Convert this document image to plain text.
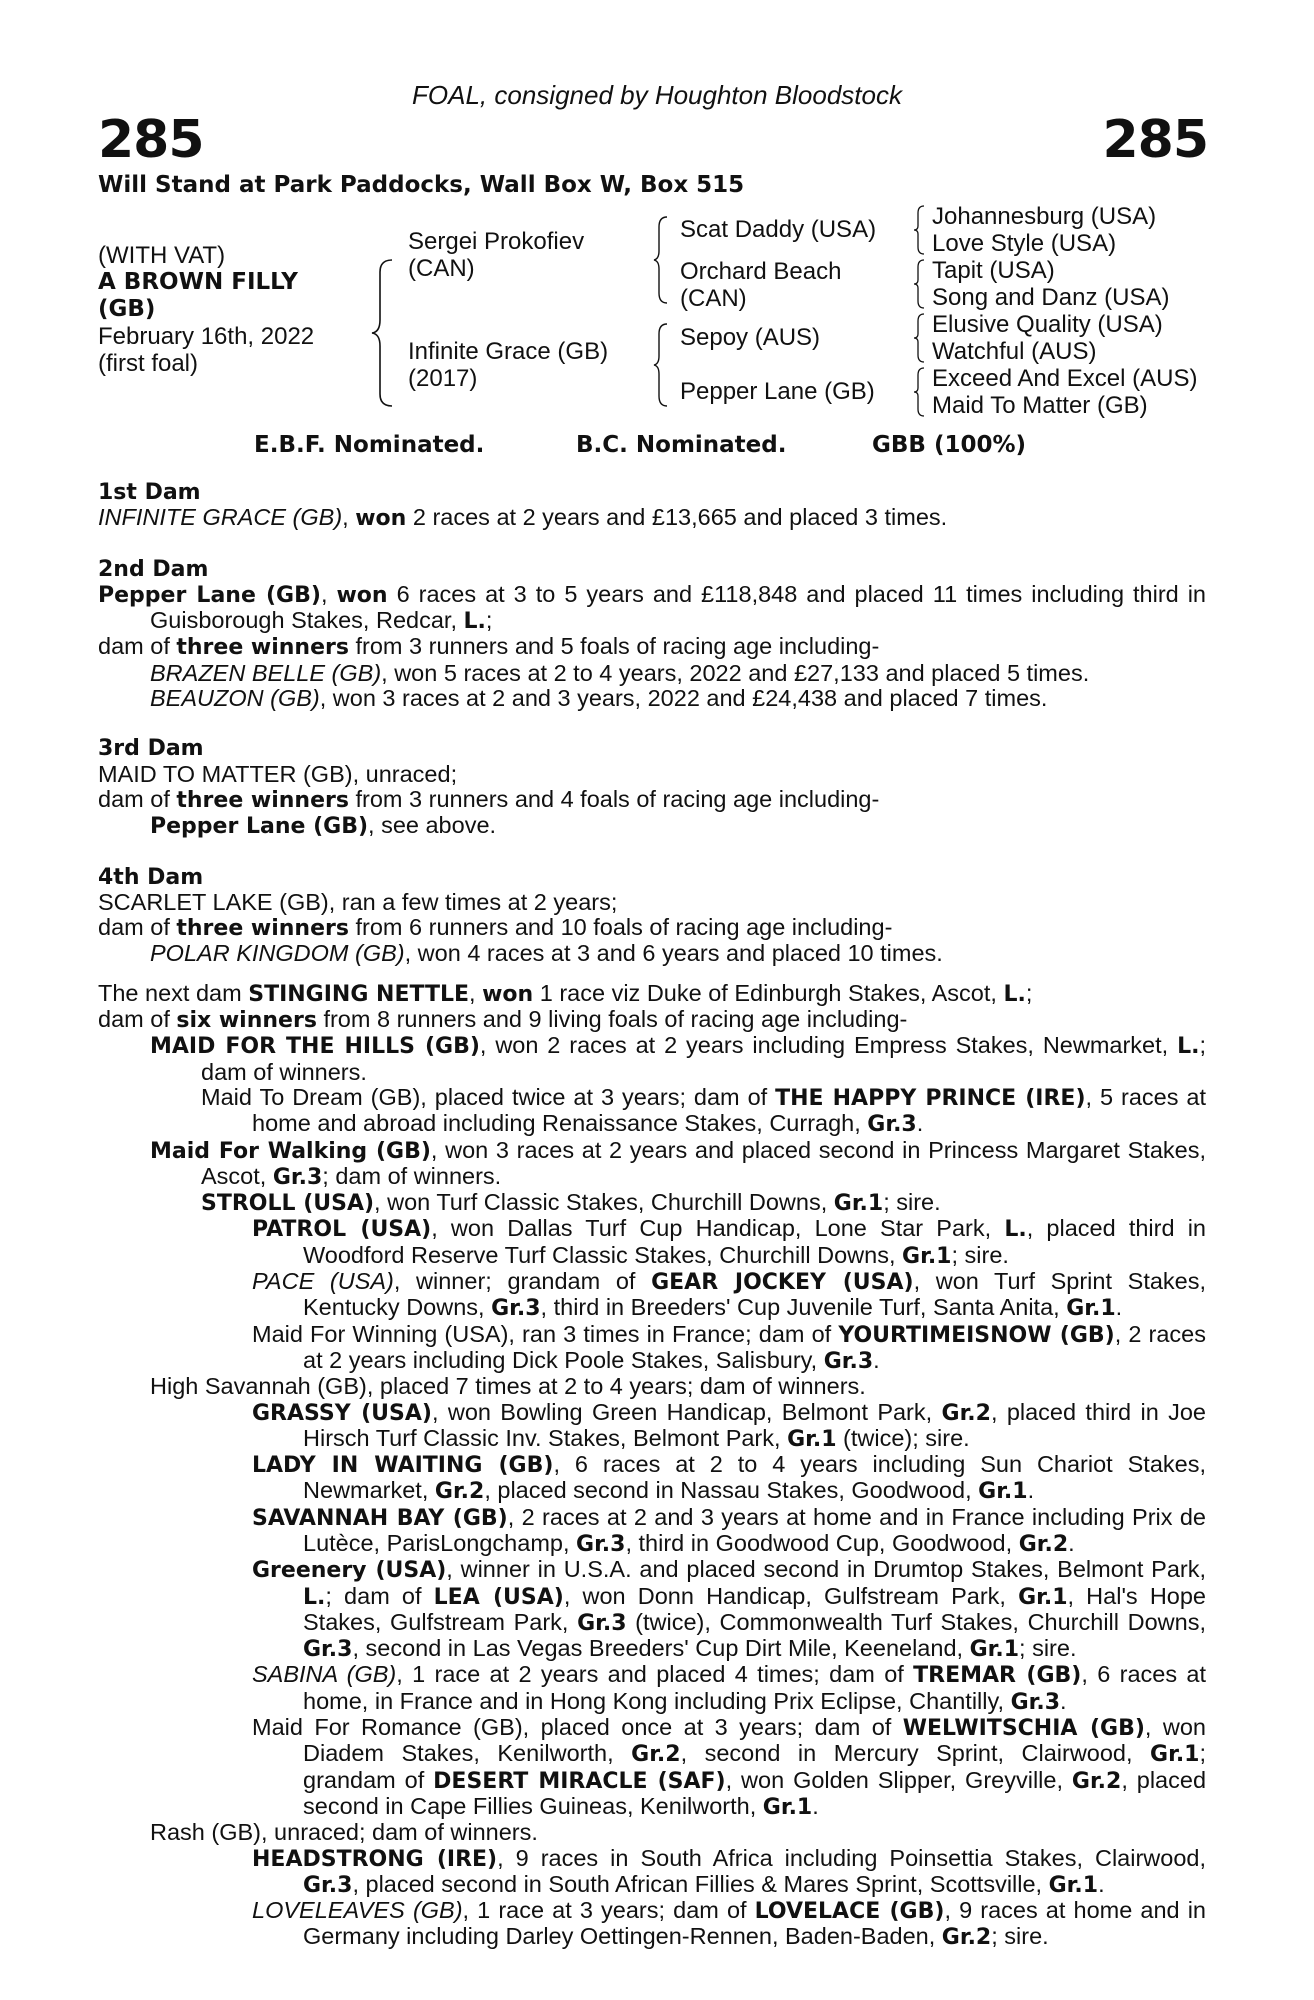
FOAL, consigned by Houghton Bloodstock
285	285
Will Stand at Park Paddocks, Wall Box W, Box 515
(WITH VAT)
A BROWN FILLY
(GB)
February 16th, 2022
(first foal)
Sergei Prokofiev
(CAN)
Infinite Grace (GB)
(2017)
Scat Daddy (USA)
Orchard Beach
(CAN)
Sepoy (AUS)
Pepper Lane (GB)
Johannesburg (USA)
Love Style (USA)
Tapit (USA)
Song and Danz (USA)
Elusive Quality (USA)
Watchful (AUS)
Exceed And Excel (AUS)
Maid To Matter (GB)
E.B.F. Nominated.	B.C. Nominated.	GBB (100%)
1st Dam
INFINITE GRACE (GB), won 2 races at 2 years and £13,665 and placed 3 times.
2nd Dam
Pepper Lane (GB), won 6 races at 3 to 5 years and £118,848 and placed 11 times including third in Guisborough Stakes, Redcar, L.;
dam of three winners from 3 runners and 5 foals of racing age including-
BRAZEN BELLE (GB), won 5 races at 2 to 4 years, 2022 and £27,133 and placed 5 times.
BEAUZON (GB), won 3 races at 2 and 3 years, 2022 and £24,438 and placed 7 times.
3rd Dam
MAID TO MATTER (GB), unraced;
dam of three winners from 3 runners and 4 foals of racing age including-
Pepper Lane (GB), see above.
4th Dam
SCARLET LAKE (GB), ran a few times at 2 years;
dam of three winners from 6 runners and 10 foals of racing age including-
POLAR KINGDOM (GB), won 4 races at 3 and 6 years and placed 10 times.
The next dam STINGING NETTLE, won 1 race viz Duke of Edinburgh Stakes, Ascot, L.;
dam of six winners from 8 runners and 9 living foals of racing age including-
MAID FOR THE HILLS (GB), won 2 races at 2 years including Empress Stakes, Newmarket, L.; dam of winners.
Maid To Dream (GB), placed twice at 3 years; dam of THE HAPPY PRINCE (IRE), 5 races at home and abroad including Renaissance Stakes, Curragh, Gr.3.
Maid For Walking (GB), won 3 races at 2 years and placed second in Princess Margaret Stakes, Ascot, Gr.3; dam of winners.
STROLL (USA), won Turf Classic Stakes, Churchill Downs, Gr.1; sire.
PATROL (USA), won Dallas Turf Cup Handicap, Lone Star Park, L., placed third in Woodford Reserve Turf Classic Stakes, Churchill Downs, Gr.1; sire.
PACE (USA), winner; grandam of GEAR JOCKEY (USA), won Turf Sprint Stakes, Kentucky Downs, Gr.3, third in Breeders' Cup Juvenile Turf, Santa Anita, Gr.1.
Maid For Winning (USA), ran 3 times in France; dam of YOURTIMEISNOW (GB), 2 races at 2 years including Dick Poole Stakes, Salisbury, Gr.3.
High Savannah (GB), placed 7 times at 2 to 4 years; dam of winners.
GRASSY (USA), won Bowling Green Handicap, Belmont Park, Gr.2, placed third in Joe Hirsch Turf Classic Inv. Stakes, Belmont Park, Gr.1 (twice); sire.
LADY IN WAITING (GB), 6 races at 2 to 4 years including Sun Chariot Stakes, Newmarket, Gr.2, placed second in Nassau Stakes, Goodwood, Gr.1.
SAVANNAH BAY (GB), 2 races at 2 and 3 years at home and in France including Prix de Lutèce, ParisLongchamp, Gr.3, third in Goodwood Cup, Goodwood, Gr.2.
Greenery (USA), winner in U.S.A. and placed second in Drumtop Stakes, Belmont Park, L.; dam of LEA (USA), won Donn Handicap, Gulfstream Park, Gr.1, Hal's Hope Stakes, Gulfstream Park, Gr.3 (twice), Commonwealth Turf Stakes, Churchill Downs, Gr.3, second in Las Vegas Breeders' Cup Dirt Mile, Keeneland, Gr.1; sire.
SABINA (GB), 1 race at 2 years and placed 4 times; dam of TREMAR (GB), 6 races at home, in France and in Hong Kong including Prix Eclipse, Chantilly, Gr.3.
Maid For Romance (GB), placed once at 3 years; dam of WELWITSCHIA (GB), won Diadem Stakes, Kenilworth, Gr.2, second in Mercury Sprint, Clairwood, Gr.1; grandam of DESERT MIRACLE (SAF), won Golden Slipper, Greyville, Gr.2, placed second in Cape Fillies Guineas, Kenilworth, Gr.1.
Rash (GB), unraced; dam of winners.
HEADSTRONG (IRE), 9 races in South Africa including Poinsettia Stakes, Clairwood, Gr.3, placed second in South African Fillies & Mares Sprint, Scottsville, Gr.1.
LOVELEAVES (GB), 1 race at 3 years; dam of LOVELACE (GB), 9 races at home and in Germany including Darley Oettingen-Rennen, Baden-Baden, Gr.2; sire.
